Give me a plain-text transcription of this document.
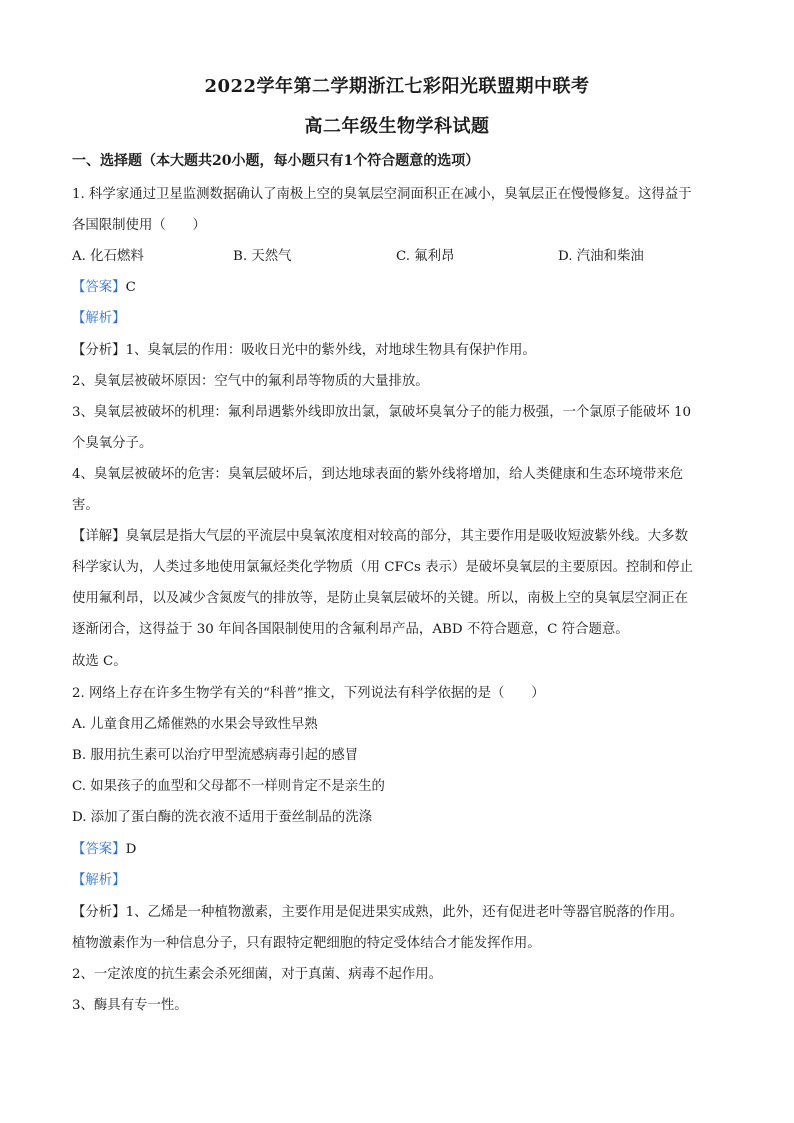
2022学年第二学期浙江七彩阳光联盟期中联考
高二年级生物学科试题
一、选择题（本大题共20小题，每小题只有1个符合题意的选项）
1. 科学家通过卫星监测数据确认了南极上空的臭氧层空洞面积正在减小，臭氧层正在慢慢修复。这得益于
各国限制使用（　　）
A. 化石燃料	B. 天然气	C. 氟利昂	D. 汽油和柴油
【答案】C
【解析】
【分析】1、臭氧层的作用：吸收日光中的紫外线，对地球生物具有保护作用。
2、臭氧层被破坏原因：空气中的氟利昂等物质的大量排放。
3、臭氧层被破坏的机理：氟利昂遇紫外线即放出氯，氯破坏臭氧分子的能力极强，一个氯原子能破坏 10
个臭氧分子。
4、臭氧层被破坏的危害：臭氧层破坏后，到达地球表面的紫外线将增加，给人类健康和生态环境带来危
害。
【详解】臭氧层是指大气层的平流层中臭氧浓度相对较高的部分，其主要作用是吸收短波紫外线。大多数
科学家认为，人类过多地使用氯氟烃类化学物质（用 CFCs 表示）是破坏臭氧层的主要原因。控制和停止
使用氟利昂，以及减少含氮废气的排放等，是防止臭氧层破坏的关键。所以，南极上空的臭氧层空洞正在
逐渐闭合，这得益于 30 年间各国限制使用的含氟利昂产品，ABD 不符合题意，C 符合题意。
故选 C。
2. 网络上存在许多生物学有关的“科普”推文，下列说法有科学依据的是（　　）
A. 儿童食用乙烯催熟的水果会导致性早熟
B. 服用抗生素可以治疗甲型流感病毒引起的感冒
C. 如果孩子的血型和父母都不一样则肯定不是亲生的
D. 添加了蛋白酶的洗衣液不适用于蚕丝制品的洗涤
【答案】D
【解析】
【分析】1、乙烯是一种植物激素，主要作用是促进果实成熟，此外，还有促进老叶等器官脱落的作用。
植物激素作为一种信息分子，只有跟特定靶细胞的特定受体结合才能发挥作用。
2、一定浓度的抗生素会杀死细菌，对于真菌、病毒不起作用。
3、酶具有专一性。
